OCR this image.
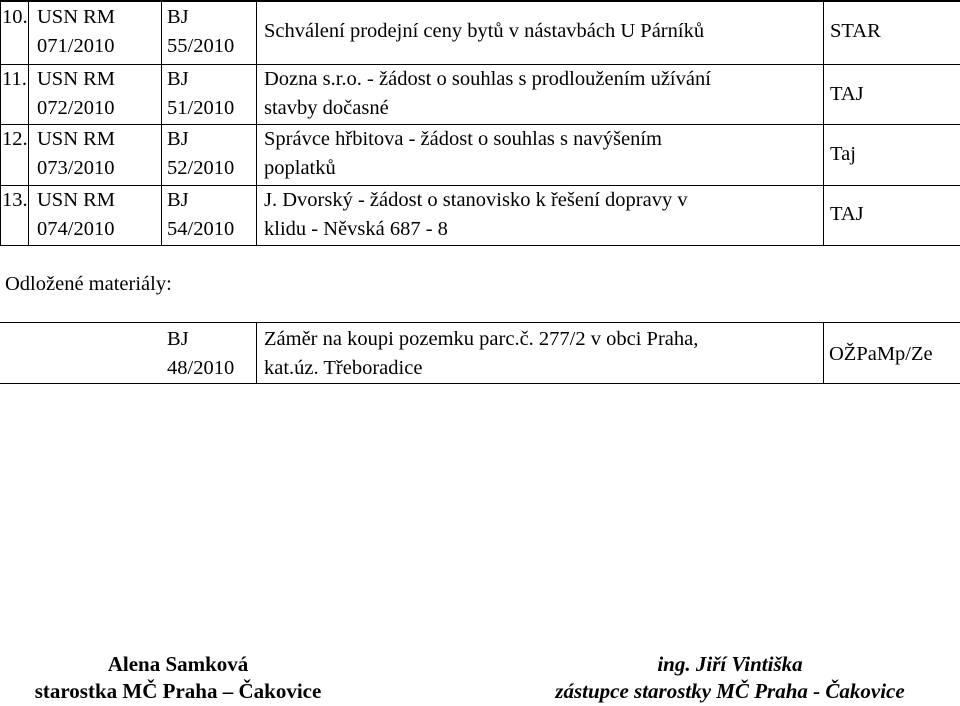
10. USN RM
071/2010
BJ
55/2010
Schválení prodejní ceny bytů v nástavbách U Párníků	STAR
11. USN RM
072/2010
BJ
51/2010
Dozna s.r.o. - žádost o souhlas s prodloužením užívání
stavby dočasné
TAJ
12. USN RM
073/2010
BJ
52/2010
Správce hřbitova - žádost o souhlas s navýšením
poplatků
Taj
13. USN RM
074/2010
BJ
54/2010
J. Dvorský - žádost o stanovisko k řešení dopravy v
klidu - Něvská 687 - 8
TAJ
Odložené materiály:
BJ
48/2010
Záměr na koupi pozemku parc.č. 277/2 v obci Praha,
kat.úz. Třeboradice
OŽPaMp/Ze
Alena Samková
starostka MČ Praha – Čakovice
ing. Jiří Vintiška
zástupce starostky MČ Praha - Čakovice
